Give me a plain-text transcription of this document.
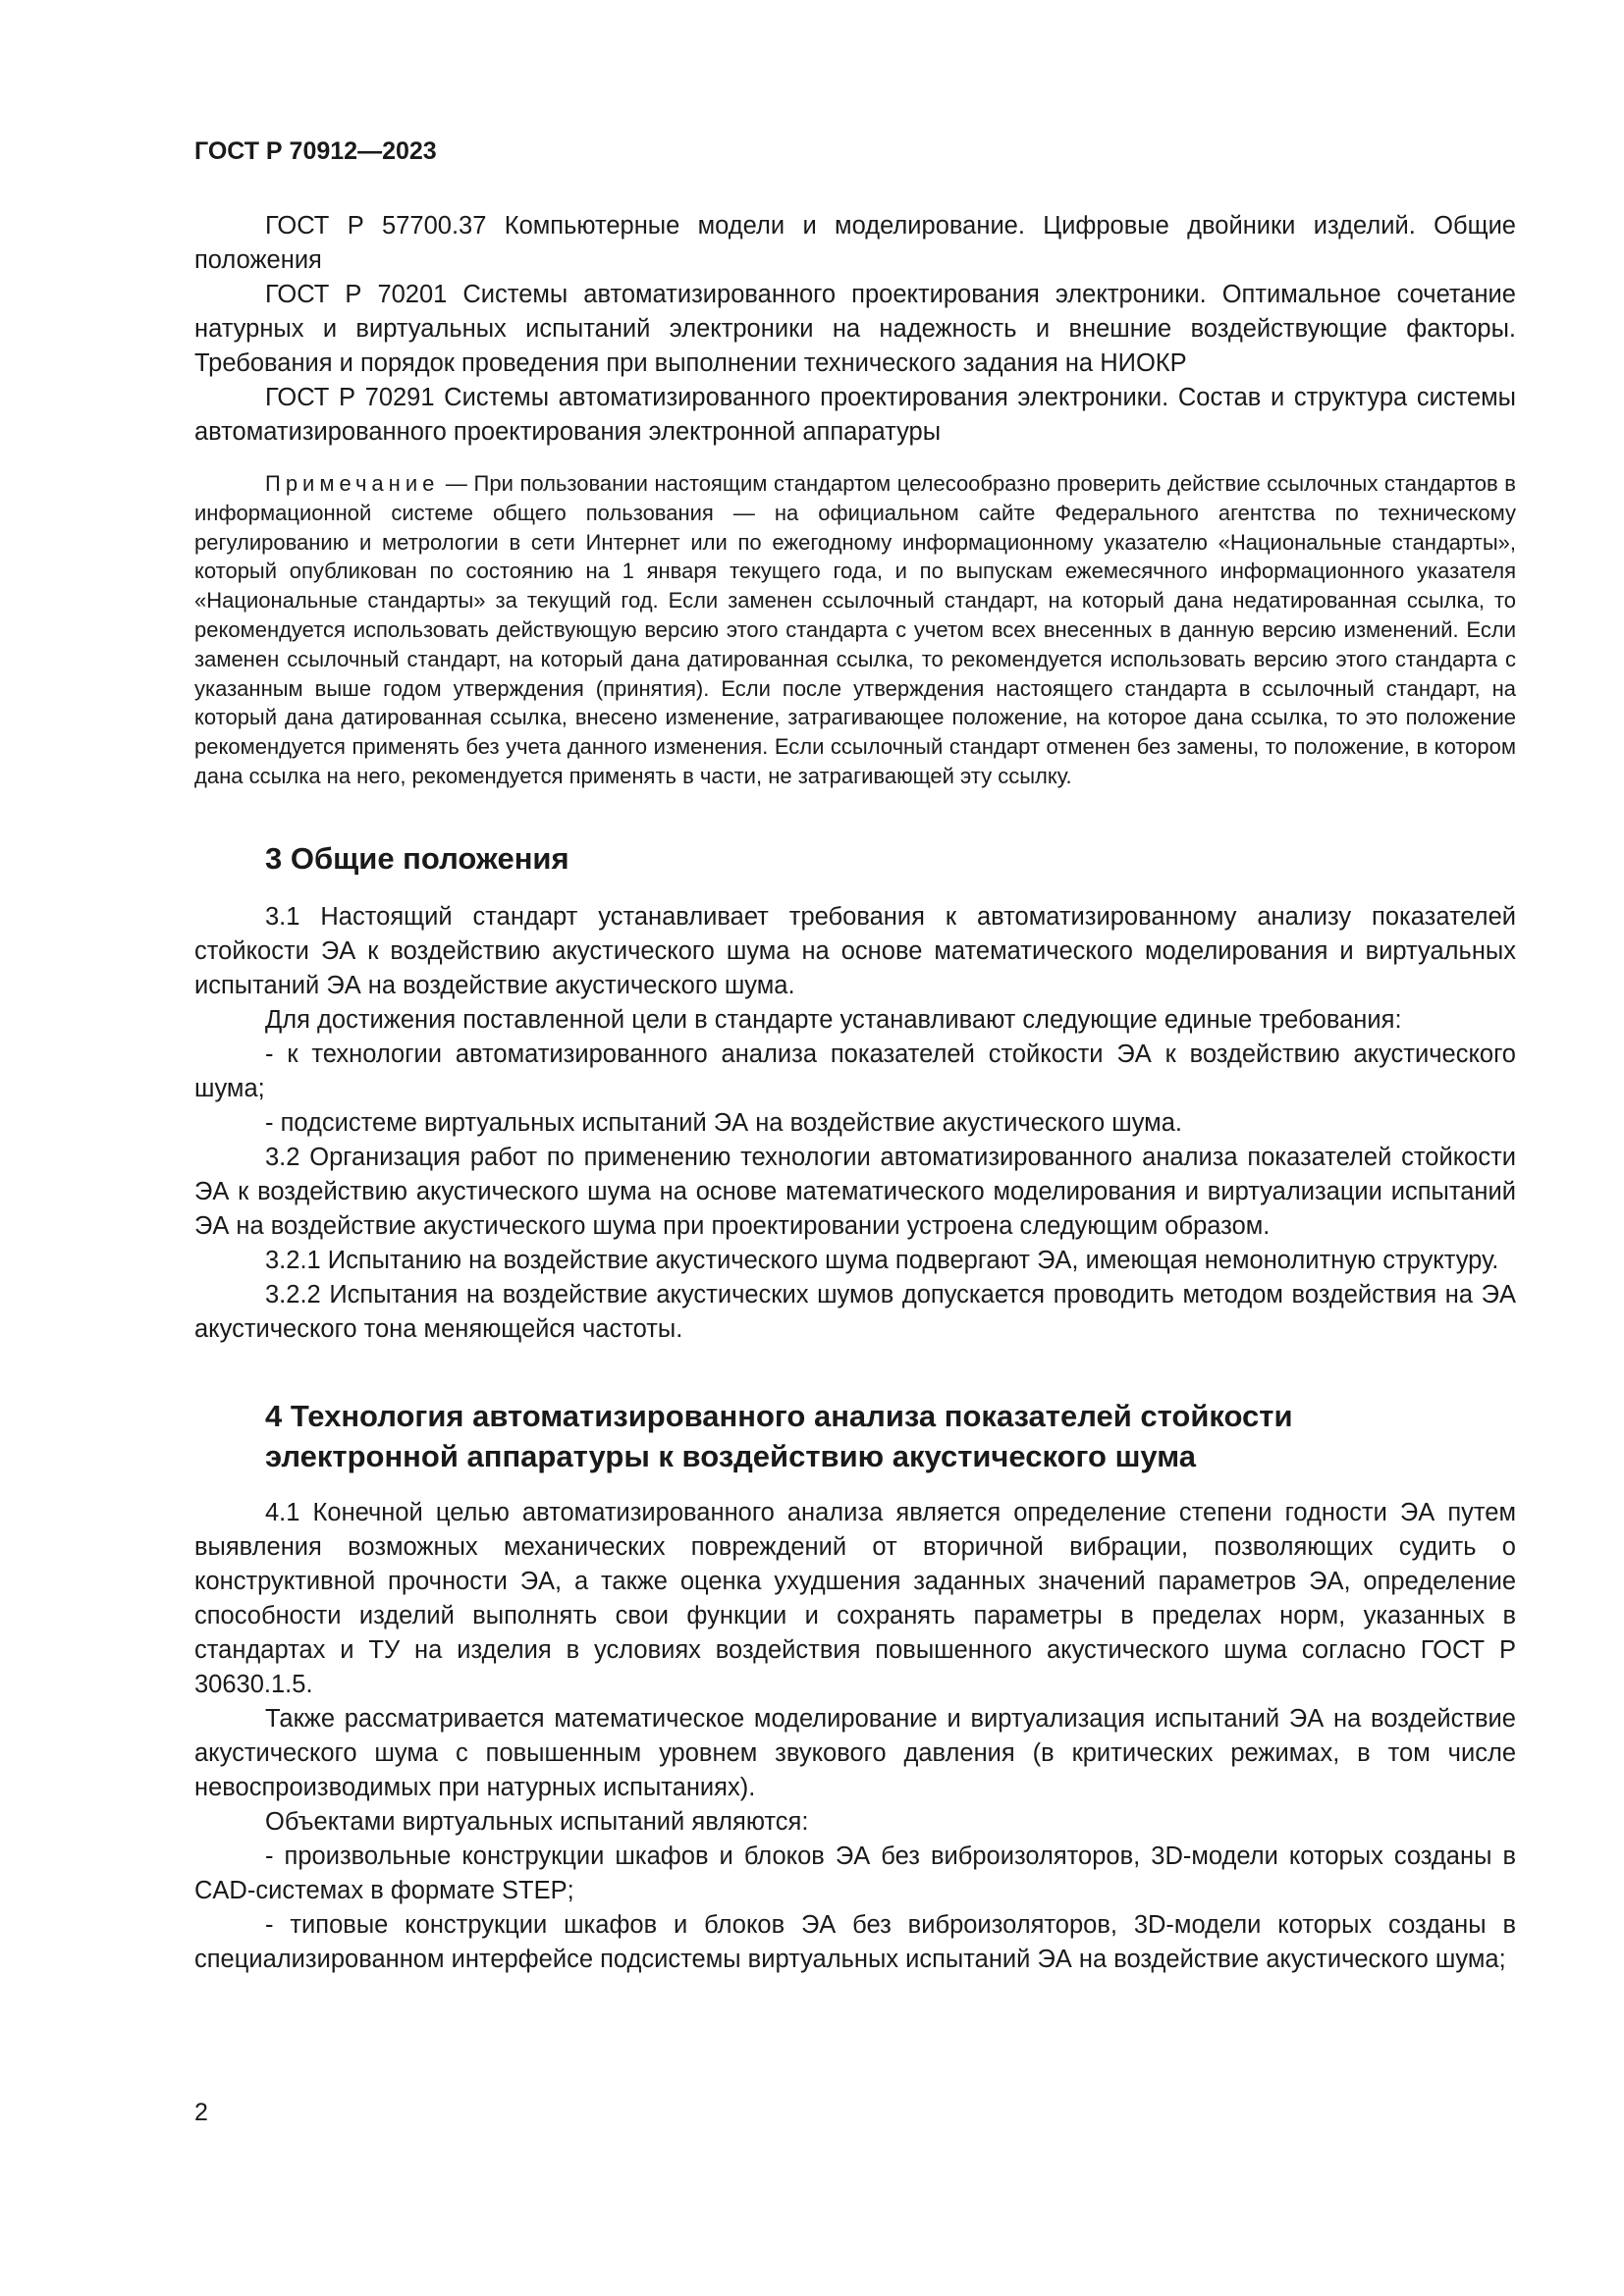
ГОСТ Р 70912—2023

ГОСТ Р 57700.37 Компьютерные модели и моделирование. Цифровые двойники изделий. Общие положения

ГОСТ Р 70201 Системы автоматизированного проектирования электроники. Оптимальное сочетание натурных и виртуальных испытаний электроники на надежность и внешние воздействующие факторы. Требования и порядок проведения при выполнении технического задания на НИОКР

ГОСТ Р 70291 Системы автоматизированного проектирования электроники. Состав и структура системы автоматизированного проектирования электронной аппаратуры

Примечание — При пользовании настоящим стандартом целесообразно проверить действие ссылочных стандартов в информационной системе общего пользования — на официальном сайте Федерального агентства по техническому регулированию и метрологии в сети Интернет или по ежегодному информационному указателю «Национальные стандарты», который опубликован по состоянию на 1 января текущего года, и по выпускам ежемесячного информационного указателя «Национальные стандарты» за текущий год. Если заменен ссылочный стандарт, на который дана недатированная ссылка, то рекомендуется использовать действующую версию этого стандарта с учетом всех внесенных в данную версию изменений. Если заменен ссылочный стандарт, на который дана датированная ссылка, то рекомендуется использовать версию этого стандарта с указанным выше годом утверждения (принятия). Если после утверждения настоящего стандарта в ссылочный стандарт, на который дана датированная ссылка, внесено изменение, затрагивающее положение, на которое дана ссылка, то это положение рекомендуется применять без учета данного изменения. Если ссылочный стандарт отменен без замены, то положение, в котором дана ссылка на него, рекомендуется применять в части, не затрагивающей эту ссылку.

3 Общие положения

3.1 Настоящий стандарт устанавливает требования к автоматизированному анализу показателей стойкости ЭА к воздействию акустического шума на основе математического моделирования и виртуальных испытаний ЭА на воздействие акустического шума.

Для достижения поставленной цели в стандарте устанавливают следующие единые требования:

- к технологии автоматизированного анализа показателей стойкости ЭА к воздействию акустического шума;

- подсистеме виртуальных испытаний ЭА на воздействие акустического шума.

3.2 Организация работ по применению технологии автоматизированного анализа показателей стойкости ЭА к воздействию акустического шума на основе математического моделирования и виртуализации испытаний ЭА на воздействие акустического шума при проектировании устроена следующим образом.

3.2.1 Испытанию на воздействие акустического шума подвергают ЭА, имеющая немонолитную структуру.

3.2.2 Испытания на воздействие акустических шумов допускается проводить методом воздействия на ЭА акустического тона меняющейся частоты.

4 Технология автоматизированного анализа показателей стойкости
электронной аппаратуры к воздействию акустического шума

4.1 Конечной целью автоматизированного анализа является определение степени годности ЭА путем выявления возможных механических повреждений от вторичной вибрации, позволяющих судить о конструктивной прочности ЭА, а также оценка ухудшения заданных значений параметров ЭА, определение способности изделий выполнять свои функции и сохранять параметры в пределах норм, указанных в стандартах и ТУ на изделия в условиях воздействия повышенного акустического шума согласно ГОСТ Р 30630.1.5.

Также рассматривается математическое моделирование и виртуализация испытаний ЭА на воздействие акустического шума с повышенным уровнем звукового давления (в критических режимах, в том числе невоспроизводимых при натурных испытаниях).

Объектами виртуальных испытаний являются:

- произвольные конструкции шкафов и блоков ЭА без виброизоляторов, 3D-модели которых созданы в CAD-системах в формате STEP;

- типовые конструкции шкафов и блоков ЭА без виброизоляторов, 3D-модели которых созданы в специализированном интерфейсе подсистемы виртуальных испытаний ЭА на воздействие акустического шума;

2
